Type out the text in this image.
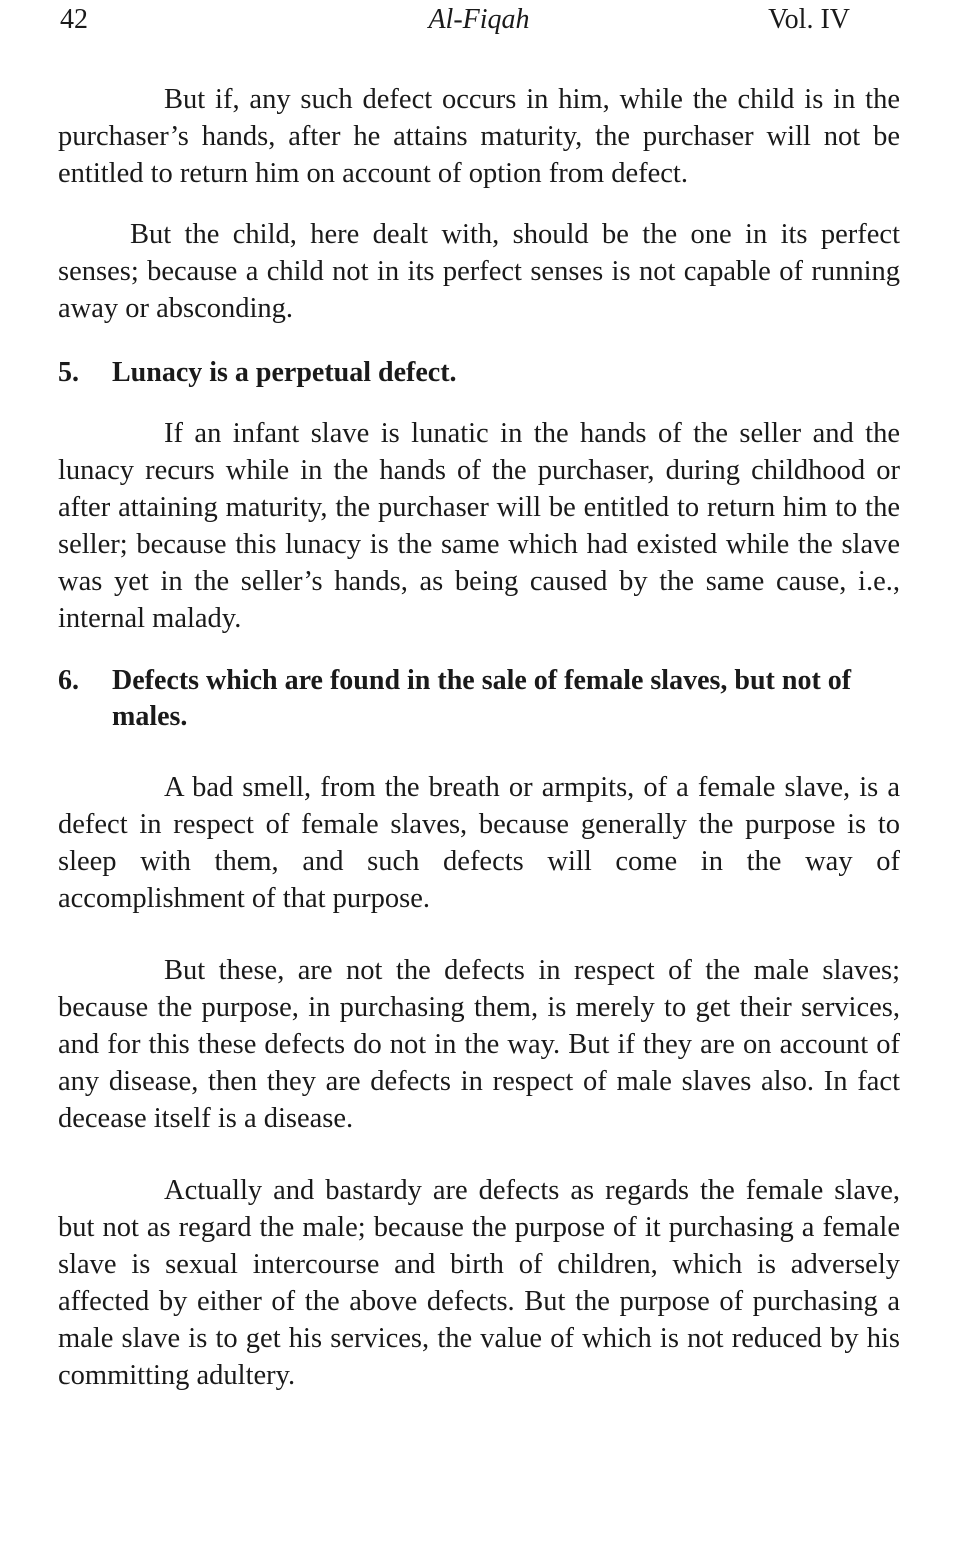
42	Al-Fiqah	Vol. IV

But if, any such defect occurs in him, while the child is in the purchaser’s hands, after he attains maturity, the purchaser will not be entitled to return him on account of option from defect.

But the child, here dealt with, should be the one in its perfect senses; because a child not in its perfect senses is not capable of running away or absconding.

5.	Lunacy is a perpetual defect.

If an infant slave is lunatic in the hands of the seller and the lunacy recurs while in the hands of the purchaser, during childhood or after attaining maturity, the purchaser will be entitled to return him to the seller; because this lunacy is the same which had existed while the slave was yet in the seller’s hands, as being caused by the same cause, i.e., internal malady.

6.	Defects which are found in the sale of female slaves, but not of males.

A bad smell, from the breath or armpits, of a female slave, is a defect in respect of female slaves, because generally the purpose is to sleep with them, and such defects will come in the way of accomplishment of that purpose.

But these, are not the defects in respect of the male slaves; because the purpose, in purchasing them, is merely to get their services, and for this these defects do not in the way. But if they are on account of any disease, then they are defects in respect of male slaves also. In fact decease itself is a disease.

Actually and bastardy are defects as regards the female slave, but not as regard the male; because the purpose of it purchasing a female slave is sexual intercourse and birth of children, which is adversely affected by either of the above defects. But the purpose of purchasing a male slave is to get his services, the value of which is not reduced by his committing adultery.
